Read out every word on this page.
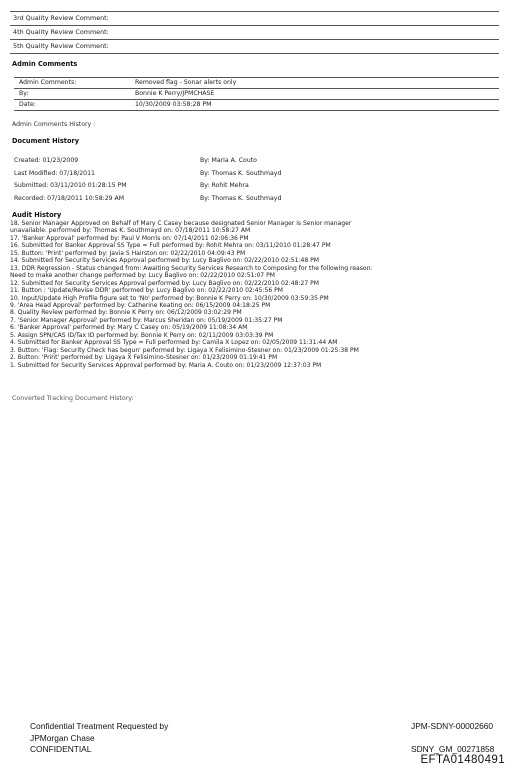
3rd Quality Review Comment:
4th Quality Review Comment:
5th Quality Review Comment:
Admin Comments
Admin Comments:	Removed flag - Sonar alerts only
By:	Bonnie K Perry/JPMCHASE
Date:	10/30/2009 03:58:28 PM
Admin Comments History :
Document History
Created: 01/23/2009	By: Maria A. Couto
Last Modified: 07/18/2011	By: Thomas K. Southmayd
Submitted: 03/11/2010 01:28:15 PM	By: Rohit Mehra
Recorded: 07/18/2011 10:58:29 AM	By: Thomas K. Southmayd
Audit History
18. Senior Manager Approved on Behalf of Mary C Casey because designated Senior Manager is Senior manager
unavailable. performed by: Thomas K. Southmayd on: 07/18/2011 10:58:27 AM
17. 'Banker Approval' performed by: Paul V Morris on: 07/14/2011 02:06:36 PM
16. Submitted for Banker Approval SS Type = Full performed by: Rohit Mehra on: 03/11/2010 01:28:47 PM
15. Button: 'Print' performed by: Javia S Hairston on: 02/22/2010 04:09:43 PM
14. Submitted for Security Services Approval performed by: Lucy Baglivo on: 02/22/2010 02:51:48 PM
13. DDR Regression - Status changed from: Awaiting Security Services Research to Composing for the following reason:
Need to make another change performed by: Lucy Baglivo on: 02/22/2010 02:51:07 PM
12. Submitted for Security Services Approval performed by: Lucy Baglivo on: 02/22/2010 02:48:27 PM
11. Button : 'Update/Revise DDR' performed by: Lucy Baglivo on: 02/22/2010 02:45:56 PM
10. Input/Update High Profile figure set to 'No' performed by: Bonnie K Perry on: 10/30/2009 03:59:35 PM
9. 'Area Head Approval' performed by: Catherine Keating on: 06/15/2009 04:18:25 PM
8. Quality Review performed by: Bonnie K Perry on: 06/12/2009 03:02:29 PM
7. 'Senior Manager Approval' performed by: Marcus Sheridan on: 05/19/2009 01:35:27 PM
6. 'Banker Approval' performed by: Mary C Casey on: 05/19/2009 11:08:34 AM
5. Assign SPN/CAS ID/Tax ID performed by: Bonnie K Perry on: 02/11/2009 03:03:39 PM
4. Submitted for Banker Approval SS Type = Full performed by: Camila X Lopez on: 02/05/2009 11:31:44 AM
3. Button: 'Flag: Security Check has begun' performed by: Ligaya X Felisimino-Stesner on: 01/23/2009 01:25:38 PM
2. Button: 'Print' performed by: Ligaya X Felisimino-Stesner on: 01/23/2009 01:19:41 PM
1. Submitted for Security Services Approval performed by: Maria A. Couto on: 01/23/2009 12:37:03 PM
Converted Tracking Document History:
Confidential Treatment Requested by
JPMorgan Chase
CONFIDENTIAL
JPM-SDNY-00002660
SDNY_GM_00271858
EFTA01480491
